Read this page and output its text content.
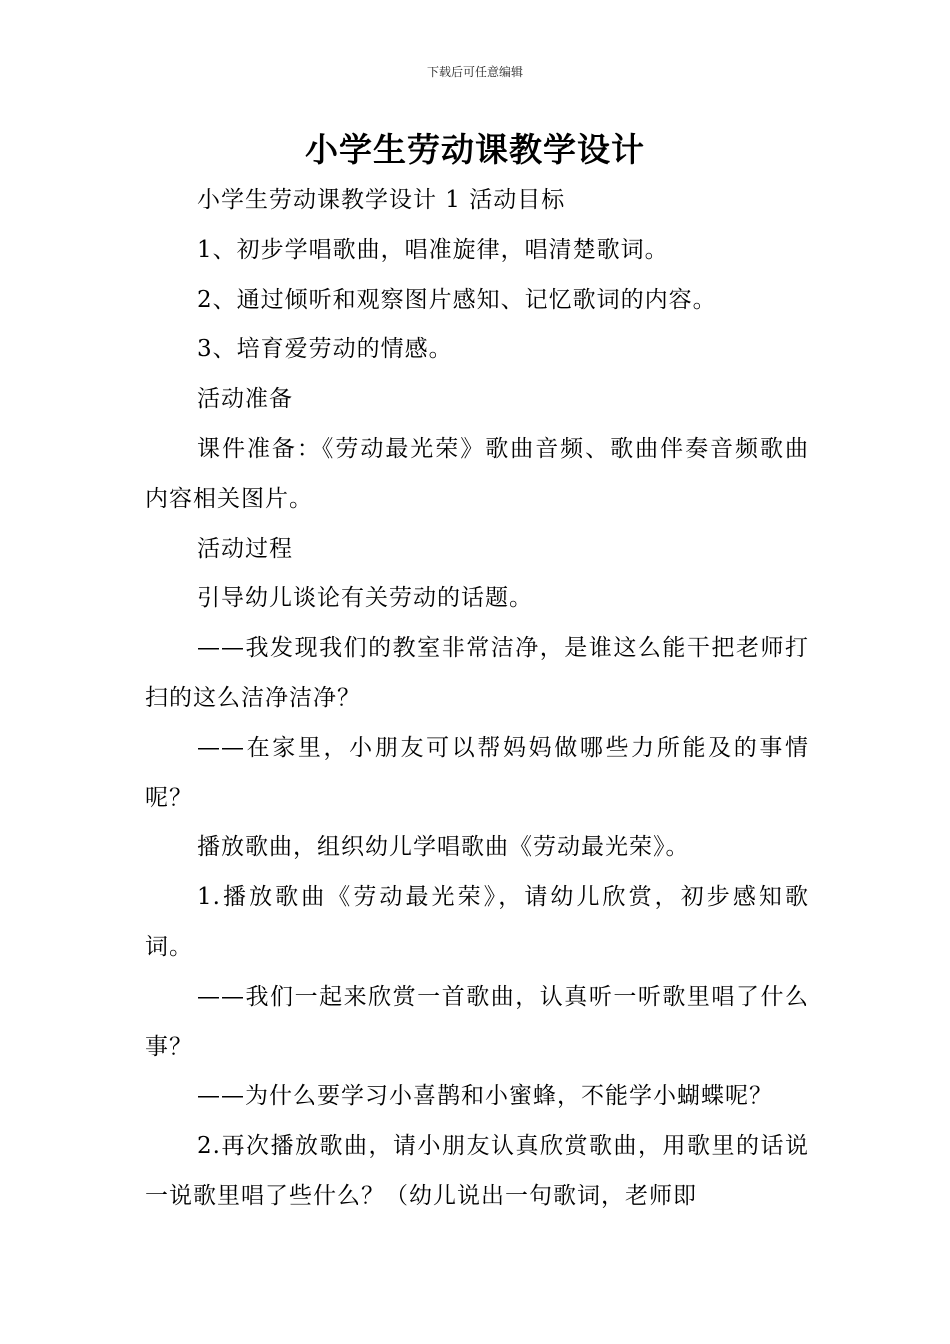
下载后可任意编辑
小学生劳动课教学设计

小学生劳动课教学设计 1 活动目标

1、初步学唱歌曲，唱准旋律，唱清楚歌词。

2、通过倾听和观察图片感知、记忆歌词的内容。

3、培育爱劳动的情感。

活动准备

课件准备：《劳动最光荣》歌曲音频、歌曲伴奏音频歌曲内容相关图片。

活动过程

引导幼儿谈论有关劳动的话题。

——我发现我们的教室非常洁净，是谁这么能干把老师打扫的这么洁净洁净？

——在家里，小朋友可以帮妈妈做哪些力所能及的事情呢？

播放歌曲，组织幼儿学唱歌曲《劳动最光荣》。

1.播放歌曲《劳动最光荣》，请幼儿欣赏，初步感知歌词。

——我们一起来欣赏一首歌曲，认真听一听歌里唱了什么事？

——为什么要学习小喜鹊和小蜜蜂，不能学小蝴蝶呢？

2.再次播放歌曲，请小朋友认真欣赏歌曲，用歌里的话说一说歌里唱了些什么？（幼儿说出一句歌词，老师即
